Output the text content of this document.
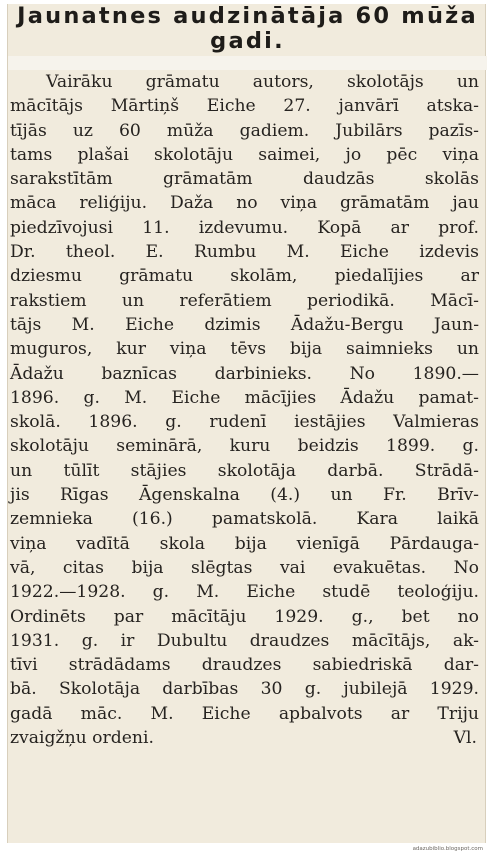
Jaunatnes audzinātāja 60 mūža
gadi.
Vairāku grāmatu autors, skolotājs un
mācītājs Mārtiņš Eiche 27. janvārī atska-
tījās uz 60 mūža gadiem. Jubilārs pazīs-
tams plašai skolotāju saimei, jo pēc viņa
sarakstītām grāmatām daudzās skolās
māca reliģiju. Daža no viņa grāmatām jau
piedzīvojusi 11. izdevumu. Kopā ar prof.
Dr. theol. E. Rumbu M. Eiche izdevis
dziesmu grāmatu skolām, piedalījies ar
rakstiem un referātiem periodikā. Mācī-
tājs M. Eiche dzimis Ādažu-Bergu Jaun-
muguros, kur viņa tēvs bija saimnieks un
Ādažu baznīcas darbinieks. No 1890.—
1896. g. M. Eiche mācījies Ādažu pamat-
skolā. 1896. g. rudenī iestājies Valmieras
skolotāju seminārā, kuru beidzis 1899. g.
un tūlīt stājies skolotāja darbā. Strādā-
jis Rīgas Āgenskalna (4.) un Fr. Brīv-
zemnieka (16.) pamatskolā. Kara laikā
viņa vadītā skola bija vienīgā Pārdauga-
vā, citas bija slēgtas vai evakuētas. No
1922.—1928. g. M. Eiche studē teoloģiju.
Ordinēts par mācītāju 1929. g., bet no
1931. g. ir Dubultu draudzes mācītājs, ak-
tīvi strādādams draudzes sabiedriskā dar-
bā. Skolotāja darbības 30 g. jubilejā 1929.
gadā māc. M. Eiche apbalvots ar Triju
zvaigžņu ordeni.	Vl.
adazubiblio.blogspot.com
